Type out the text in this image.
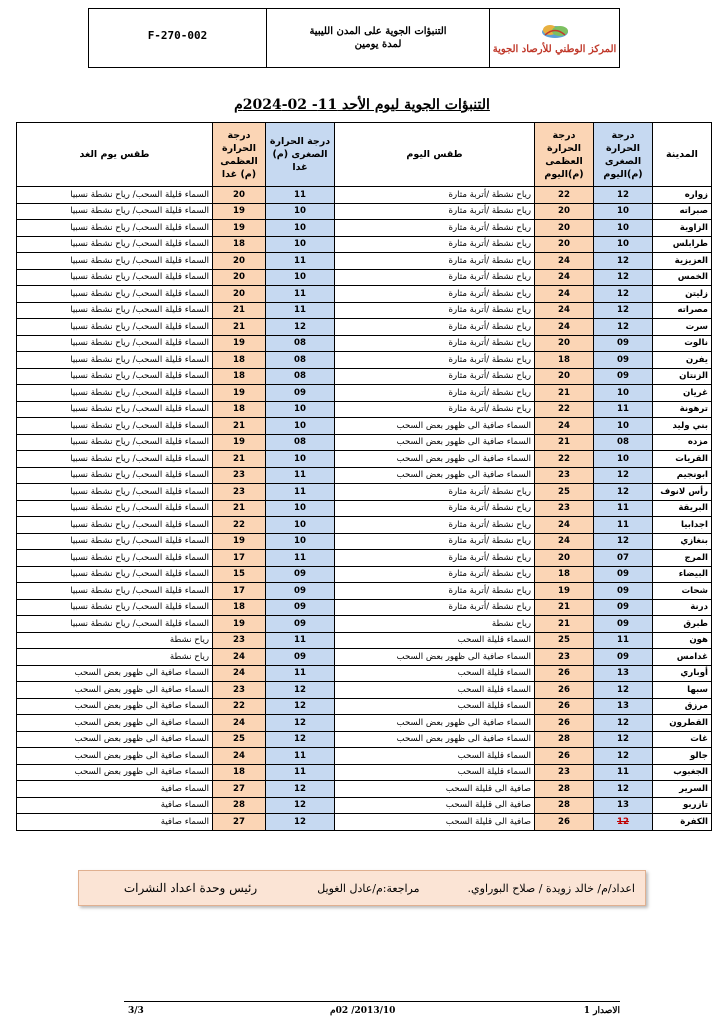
F-270-002	التنبؤات الجوية على المدن الليبية
لمدة يومين	المركز الوطني للأرصاد الجوية
التنبؤات الجوية ليوم الأحد 11- 02-2024م
المدينة	درجة الحرارة الصغرى (م)اليوم	درجة الحرارة العظمى (م)اليوم	طقس اليوم	درجة الحرارة الصغرى (م) غدا	درجة الحرارة العظمى (م) غدا	طقس يوم الغد
زواره	12	22	رياح نشطة /أتربة مثارة	11	20	السماء قليلة السحب/ رياح نشطة نسبيا
صبراته	10	20	رياح نشطة /أتربة مثارة	10	19	السماء قليلة السحب/ رياح نشطة نسبيا
الزاوية	10	20	رياح نشطة /أتربة مثارة	10	19	السماء قليلة السحب/ رياح نشطة نسبيا
طرابلس	10	20	رياح نشطة /أتربة مثارة	10	18	السماء قليلة السحب/ رياح نشطة نسبيا
العزيزية	12	24	رياح نشطة /أتربة مثارة	11	20	السماء قليلة السحب/ رياح نشطة نسبيا
الخمس	12	24	رياح نشطة /أتربة مثارة	10	20	السماء قليلة السحب/ رياح نشطة نسبيا
زليتن	12	24	رياح نشطة /أتربة مثارة	11	20	السماء قليلة السحب/ رياح نشطة نسبيا
مصراته	12	24	رياح نشطة /أتربة مثارة	11	21	السماء قليلة السحب/ رياح نشطة نسبيا
سرت	12	24	رياح نشطة /أتربة مثارة	12	21	السماء قليلة السحب/ رياح نشطة نسبيا
نالوت	09	20	رياح نشطة /أتربة مثارة	08	19	السماء قليلة السحب/ رياح نشطة نسبيا
يفرن	09	18	رياح نشطة /أتربة مثارة	08	18	السماء قليلة السحب/ رياح نشطة نسبيا
الزنتان	09	20	رياح نشطة /أتربة مثارة	08	18	السماء قليلة السحب/ رياح نشطة نسبيا
غريان	10	21	رياح نشطة /أتربة مثارة	09	19	السماء قليلة السحب/ رياح نشطة نسبيا
ترهونة	11	22	رياح نشطة /أتربة مثارة	10	18	السماء قليلة السحب/ رياح نشطة نسبيا
بني وليد	10	24	السماء صافية الى ظهور بعض السحب	10	21	السماء قليلة السحب/ رياح نشطة نسبيا
مزده	08	21	السماء صافية الى ظهور بعض السحب	08	19	السماء قليلة السحب/ رياح نشطة نسبيا
القريات	10	22	السماء صافية الى ظهور بعض السحب	10	21	السماء قليلة السحب/ رياح نشطة نسبيا
ابونجيم	12	23	السماء صافية الى ظهور بعض السحب	11	23	السماء قليلة السحب/ رياح نشطة نسبيا
رأس لانوف	12	25	رياح نشطة /أتربة مثارة	11	23	السماء قليلة السحب/ رياح نشطة نسبيا
البريقة	11	23	رياح نشطة /أتربة مثارة	10	21	السماء قليلة السحب/ رياح نشطة نسبيا
اجدابيا	11	24	رياح نشطة /أتربة مثارة	10	22	السماء قليلة السحب/ رياح نشطة نسبيا
بنغازي	12	24	رياح نشطة /أتربة مثارة	10	19	السماء قليلة السحب/ رياح نشطة نسبيا
المرج	07	20	رياح نشطة /أتربة مثارة	11	17	السماء قليلة السحب/ رياح نشطة نسبيا
البيضاء	09	18	رياح نشطة /أتربة مثارة	09	15	السماء قليلة السحب/ رياح نشطة نسبيا
شحات	09	19	رياح نشطة /أتربة مثارة	09	17	السماء قليلة السحب/ رياح نشطة نسبيا
درنة	09	21	رياح نشطة /أتربة مثارة	09	18	السماء قليلة السحب/ رياح نشطة نسبيا
طبرق	09	21	رياح نشطة	09	19	السماء قليلة السحب/ رياح نشطة نسبيا
هون	11	25	السماء قليلة السحب	11	23	رياح نشطة
غدامس	09	23	السماء صافية الى ظهور بعض السحب	09	24	رياح نشطة
أوباري	13	26	السماء قليلة السحب	11	24	السماء صافية الى ظهور بعض السحب
سبها	12	26	السماء قليلة السحب	12	23	السماء صافية الى ظهور بعض السحب
مرزق	13	26	السماء قليلة السحب	12	22	السماء صافية الى ظهور بعض السحب
القطرون	12	26	السماء صافية الى ظهور بعض السحب	12	24	السماء صافية الى ظهور بعض السحب
غات	12	28	السماء صافية الى ظهور بعض السحب	12	25	السماء صافية الى ظهور بعض السحب
جالو	12	26	السماء قليلة السحب	11	24	السماء صافية الى ظهور بعض السحب
الجغبوب	11	23	السماء قليلة السحب	11	18	السماء صافية الى ظهور بعض السحب
السرير	12	28	صافية الى قليلة السحب	12	27	السماء صافية
تازربو	13	28	صافية الى قليلة السحب	12	28	السماء صافية
الكفرة	12	26	صافية الى قليلة السحب	12	27	السماء صافية
اعداد/م/ خالد زويدة / صلاح البوراوي.
مراجعة:م/عادل الغويل
رئيس وحدة اعداد النشرات
الاصدار 1
2013/10/ 02م
3/3
